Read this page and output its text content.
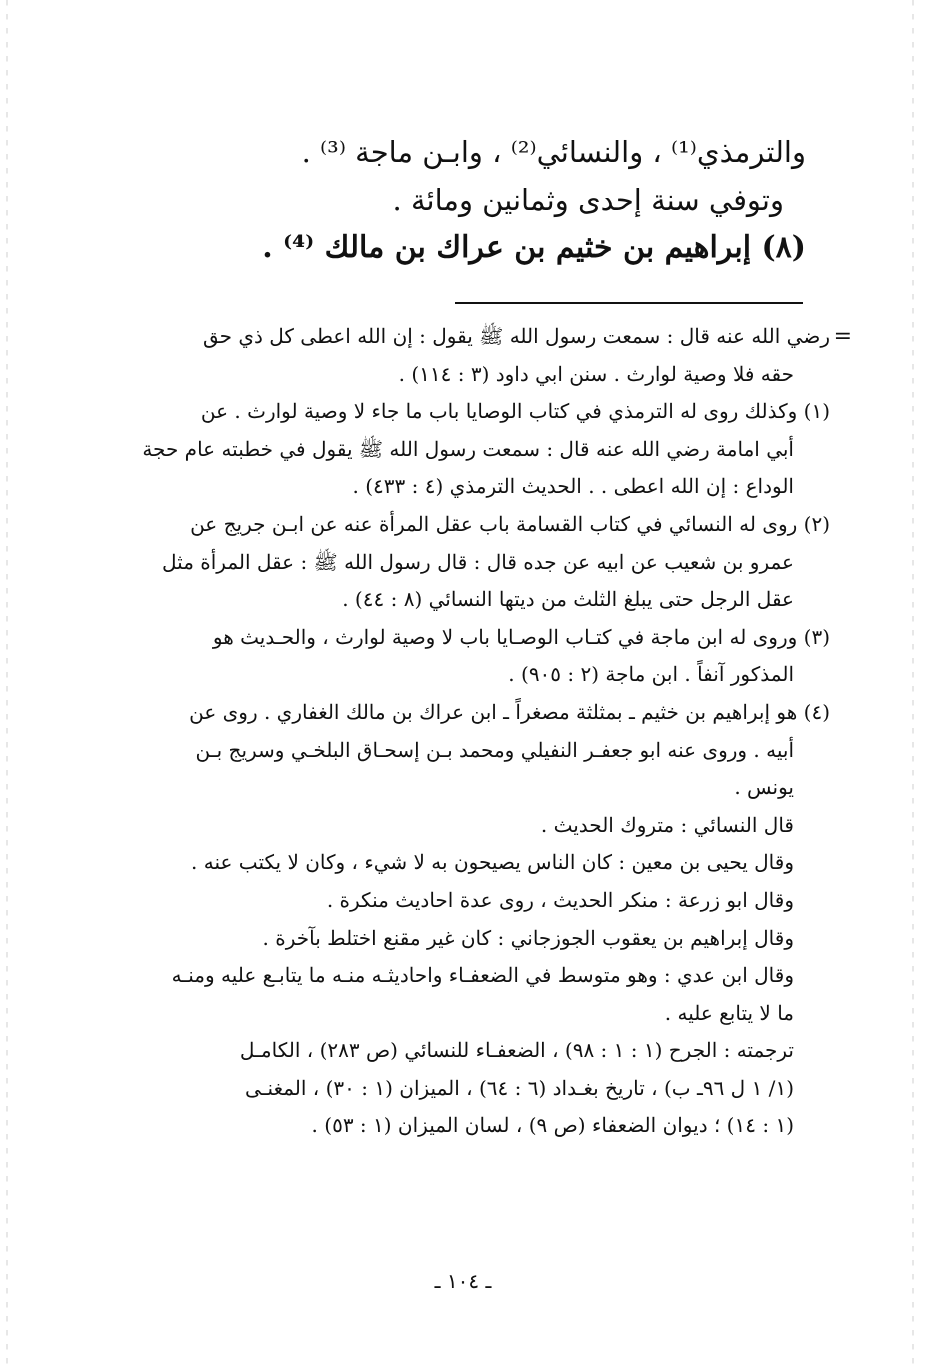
والترمذي⁽¹⁾ ، والنسائي⁽²⁾ ، وابـن ماجة ⁽³⁾ .
وتوفي سنة إحدى وثمانين ومائة .
(٨) إبراهيم بن خثيم بن عراك بن مالك ⁽⁴⁾ .
=
رضي الله عنه قال : سمعت رسول الله ﷺ يقول : إن الله اعطى كل ذي حق
حقه فلا وصية لوارث . سنن ابي داود (٣ : ١١٤) .
(١) وكذلك روى له الترمذي في كتاب الوصايا باب ما جاء لا وصية لوارث . عن
أبي امامة رضي الله عنه قال : سمعت رسول الله ﷺ يقول في خطبته عام حجة
الوداع : إن الله اعطى . . الحديث الترمذي (٤ : ٤٣٣) .
(٢) روى له النسائي في كتاب القسامة باب عقل المرأة عنه عن ابـن جريج عن
عمرو بن شعيب عن ابيه عن جده قال : قال رسول الله ﷺ : عقل المرأة مثل
عقل الرجل حتى يبلغ الثلث من ديتها النسائي (٨ : ٤٤) .
(٣) وروى له ابن ماجة في كتـاب الوصـايا باب لا وصية لوارث ، والحـديث هو
المذكور آنفاً . ابن ماجة (٢ : ٩٠٥) .
(٤) هو إبراهيم بن خثيم ـ بمثلثة مصغراً ـ ابن عراك بن مالك الغفاري . روى عن
أبيه . وروى عنه ابو جعفـر النفيلي ومحمد بـن إسحـاق البلخـي وسريج بـن
يونس .
قال النسائي : متروك الحديث .
وقال يحيى بن معين : كان الناس يصيحون به لا شيء ، وكان لا يكتب عنه .
وقال ابو زرعة : منكر الحديث ، روى عدة احاديث منكرة .
وقال إبراهيم بن يعقوب الجوزجاني : كان غير مقنع اختلط بآخرة .
وقال ابن عدي : وهو متوسط في الضعفـاء واحاديثـه منـه ما يتابـع عليه ومنـه
ما لا يتابع عليه .
ترجمته : الجرح (١ : ١ : ٩٨) ، الضعفـاء للنسائي (ص ٢٨٣) ، الكامـل
(١/ ١ ل ٩٦ـ ب) ، تاريخ بغـداد (٦ : ٦٤) ، الميزان (١ : ٣٠) ، المغنـى
(١ : ١٤) ؛ ديوان الضعفاء (ص ٩) ، لسان الميزان (١ : ٥٣) .
ـ ١٠٤ ـ
